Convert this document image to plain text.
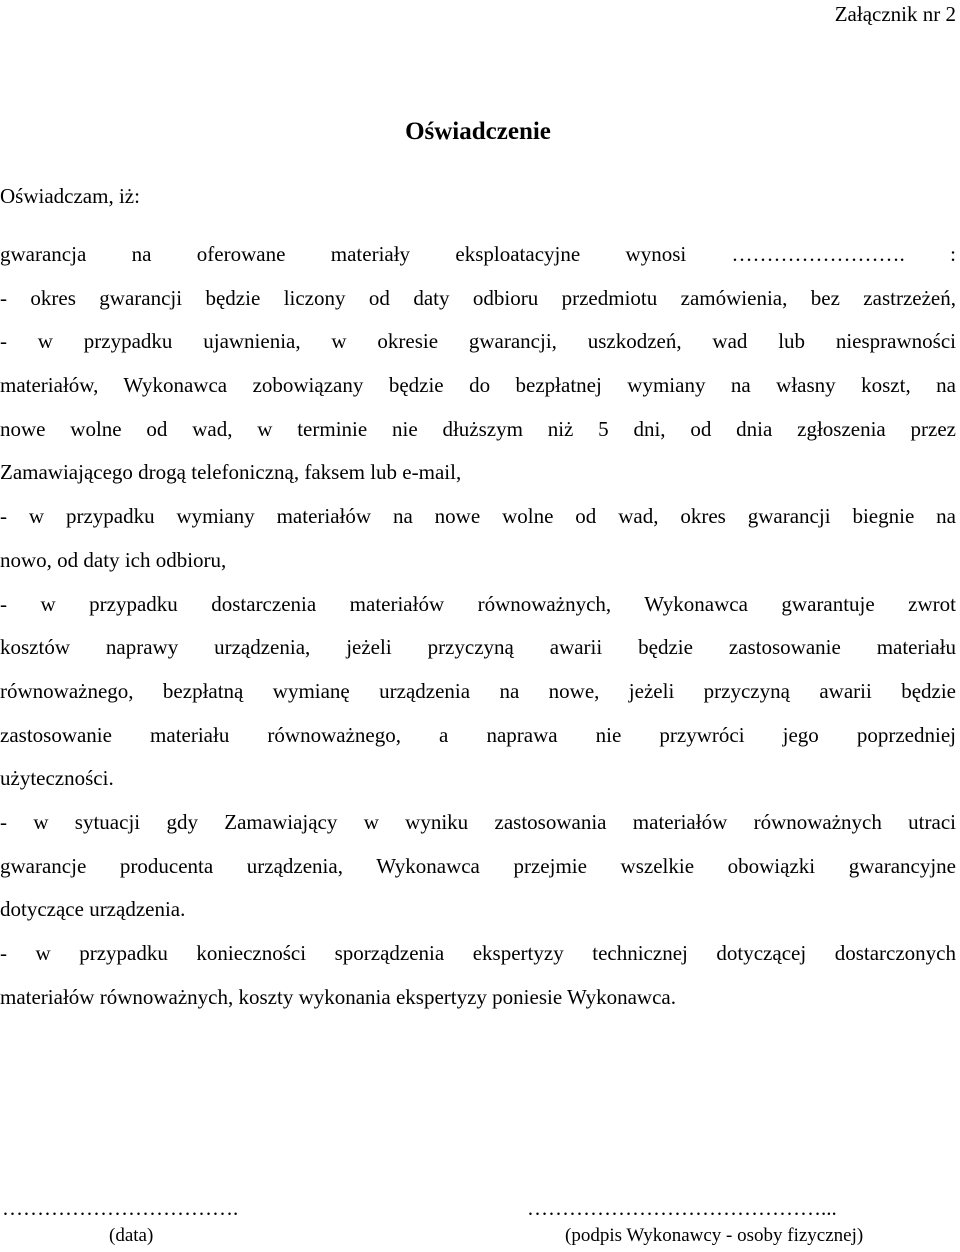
Załącznik nr 2
Oświadczenie
Oświadczam, iż:
gwarancja na oferowane materiały eksploatacyjne wynosi ……………………. :
- okres gwarancji będzie liczony od daty odbioru przedmiotu zamówienia, bez zastrzeżeń,
- w przypadku ujawnienia, w okresie gwarancji, uszkodzeń, wad lub niesprawności
materiałów, Wykonawca zobowiązany będzie do bezpłatnej wymiany na własny koszt, na
nowe wolne od wad, w terminie nie dłuższym niż 5 dni, od dnia zgłoszenia przez
Zamawiającego drogą telefoniczną, faksem lub e-mail,
- w przypadku wymiany materiałów na nowe wolne od wad, okres gwarancji biegnie na
nowo, od daty ich odbioru,
- w przypadku dostarczenia materiałów równoważnych, Wykonawca gwarantuje zwrot
kosztów naprawy urządzenia, jeżeli przyczyną awarii będzie zastosowanie materiału
równoważnego, bezpłatną wymianę urządzenia na nowe, jeżeli przyczyną awarii będzie
zastosowanie materiału równoważnego, a naprawa nie przywróci jego poprzedniej
użyteczności.
- w sytuacji gdy Zamawiający w wyniku zastosowania materiałów równoważnych utraci
gwarancje producenta urządzenia, Wykonawca przejmie wszelkie obowiązki gwarancyjne
dotyczące urządzenia.
- w przypadku konieczności sporządzenia ekspertyzy technicznej dotyczącej dostarczonych
materiałów równoważnych, koszty wykonania ekspertyzy poniesie Wykonawca.
…………………………….	……………………………………...
(data)	(podpis Wykonawcy - osoby fizycznej)
